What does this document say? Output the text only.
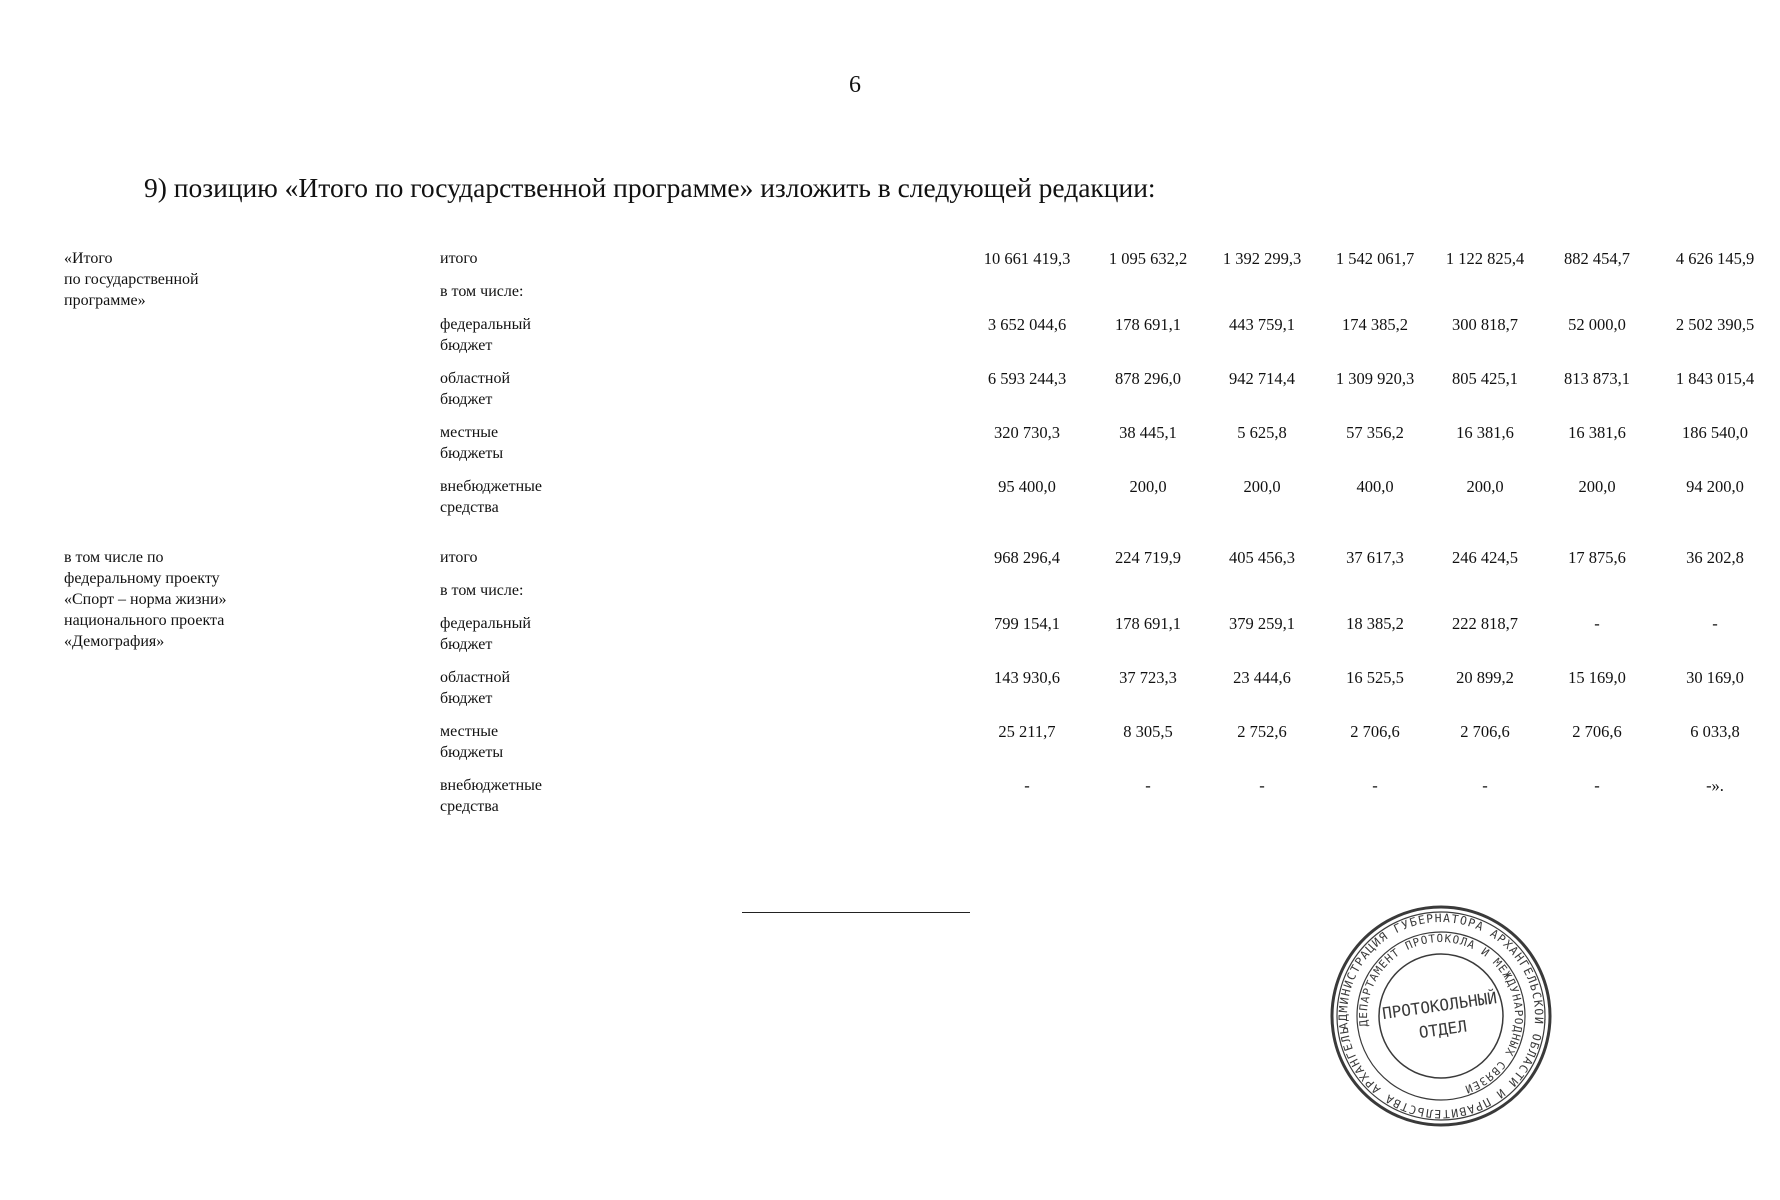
6
9) позицию «Итого по государственной программе» изложить в следующей редакции:
«Итого
по государственной
программе»
итого	10 661 419,3	1 095 632,2	1 392 299,3	1 542 061,7	1 122 825,4	882 454,7	4 626 145,9
в том числе:
федеральный
бюджет
3 652 044,6	178 691,1	443 759,1	174 385,2	300 818,7	52 000,0	2 502 390,5
областной
бюджет
6 593 244,3	878 296,0	942 714,4	1 309 920,3	805 425,1	813 873,1	1 843 015,4
местные
бюджеты
320 730,3	38 445,1	5 625,8	57 356,2	16 381,6	16 381,6	186 540,0
внебюджетные
средства
95 400,0	200,0	200,0	400,0	200,0	200,0	94 200,0
в том числе по
федеральному проекту
«Спорт – норма жизни»
национального проекта
«Демография»
итого	968 296,4	224 719,9	405 456,3	37 617,3	246 424,5	17 875,6	36 202,8
в том числе:
федеральный
бюджет
799 154,1	178 691,1	379 259,1	18 385,2	222 818,7	-	-
областной
бюджет
143 930,6	37 723,3	23 444,6	16 525,5	20 899,2	15 169,0	30 169,0
местные
бюджеты
25 211,7	8 305,5	2 752,6	2 706,6	2 706,6	2 706,6	6 033,8
внебюджетные
средства
-	-	-	-	-	-	-».
АДМИНИСТРАЦИЯ ГУБЕРНАТОРА АРХАНГЕЛЬСКОЙ ОБЛАСТИ И ПРАВИТЕЛЬСТВА АРХАНГЕЛЬСКОЙ
ДЕПАРТАМЕНТ ПРОТОКОЛА И МЕЖДУНАРОДНЫХ СВЯЗЕЙ
ПРОТОКОЛЬНЫЙ
ОТДЕЛ
